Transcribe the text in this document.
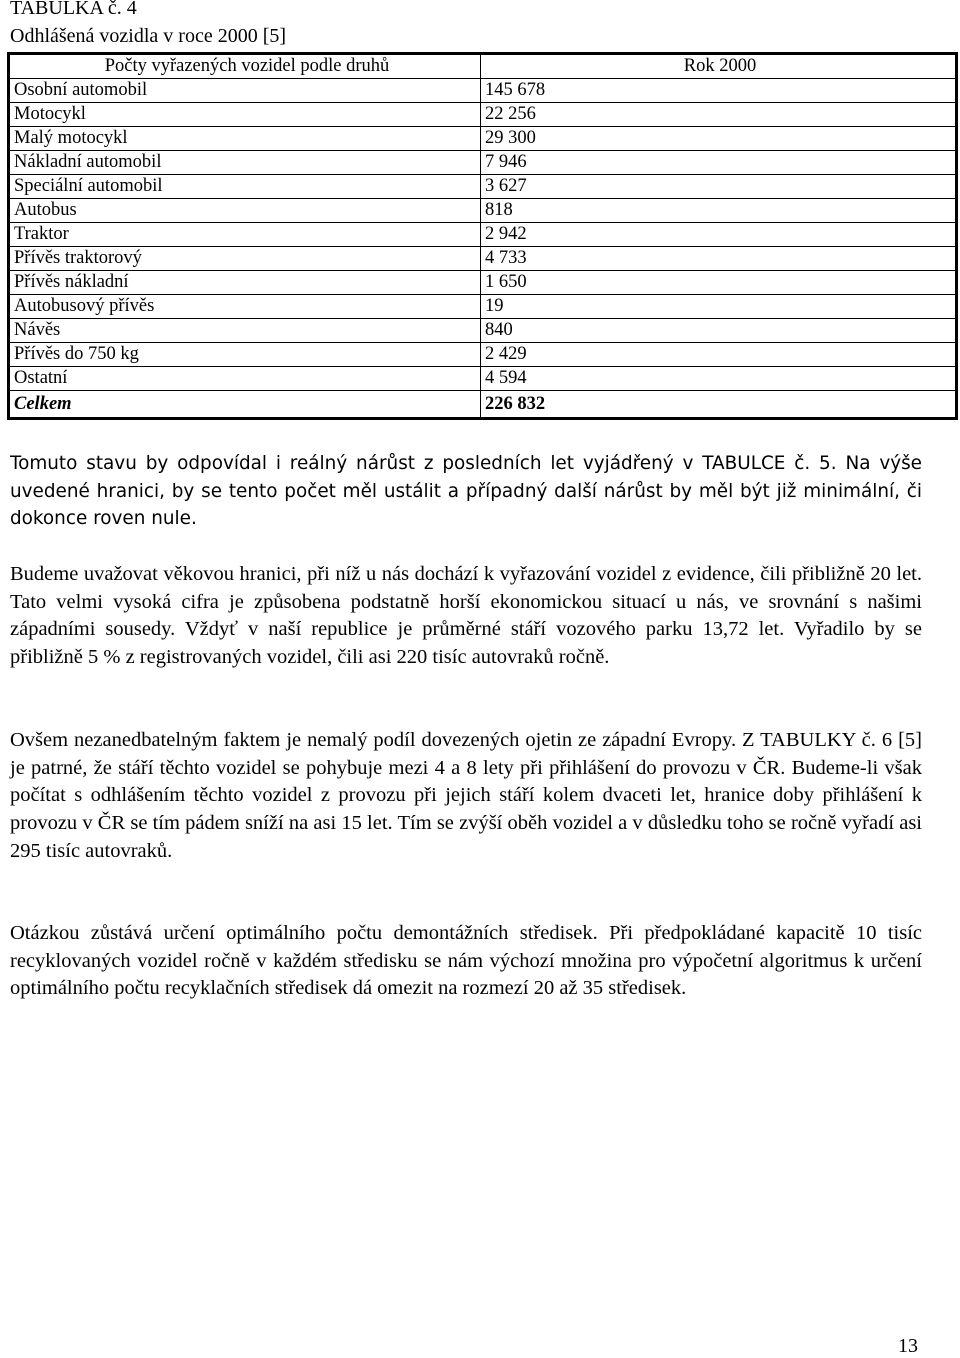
TABULKA č. 4
Odhlášená vozidla v roce 2000 [5]
Počty vyřazených vozidel podle druhů	Rok 2000	
Osobní automobil	145 678	
Motocykl	22 256	
Malý motocykl	29 300	
Nákladní automobil	7 946	
Speciální automobil	3 627	
Autobus	818	
Traktor	2 942	
Přívěs traktorový	4 733	
Přívěs nákladní	1 650	
Autobusový přívěs	19	
Návěs	840	
Přívěs do 750 kg	2 429	
Ostatní	4 594	
Celkem	226 832	

Tomuto stavu by odpovídal i reálný nárůst z posledních let vyjádřený v TABULCE č. 5. Na výše uvedené hranici, by se tento počet měl ustálit a případný další nárůst by měl být již minimální, či dokonce roven nule.

Budeme uvažovat věkovou hranici, při níž u nás dochází k vyřazování vozidel z evidence, čili přibližně 20 let. Tato velmi vysoká cifra je způsobena podstatně horší ekonomickou situací u nás, ve srovnání s našimi západními sousedy. Vždyť v naší republice je průměrné stáří vozového parku 13,72 let. Vyřadilo by se přibližně 5 % z registrovaných vozidel, čili asi 220 tisíc autovraků ročně.

Ovšem nezanedbatelným faktem je nemalý podíl dovezených ojetin ze západní Evropy. Z TABULKY č. 6 [5] je patrné, že stáří těchto vozidel se pohybuje mezi 4 a 8 lety při přihlášení do provozu v ČR. Budeme-li však počítat s odhlášením těchto vozidel z provozu při jejich stáří kolem dvaceti let, hranice doby přihlášení k provozu v ČR se tím pádem sníží na asi 15 let. Tím se zvýší oběh vozidel a v důsledku toho se ročně vyřadí asi 295 tisíc autovraků.

Otázkou zůstává určení optimálního počtu demontážních středisek. Při předpokládané kapacitě 10 tisíc recyklovaných vozidel ročně v každém středisku se nám výchozí množina pro výpočetní algoritmus k určení optimálního počtu recyklačních středisek dá omezit na rozmezí 20 až 35 středisek.

13
